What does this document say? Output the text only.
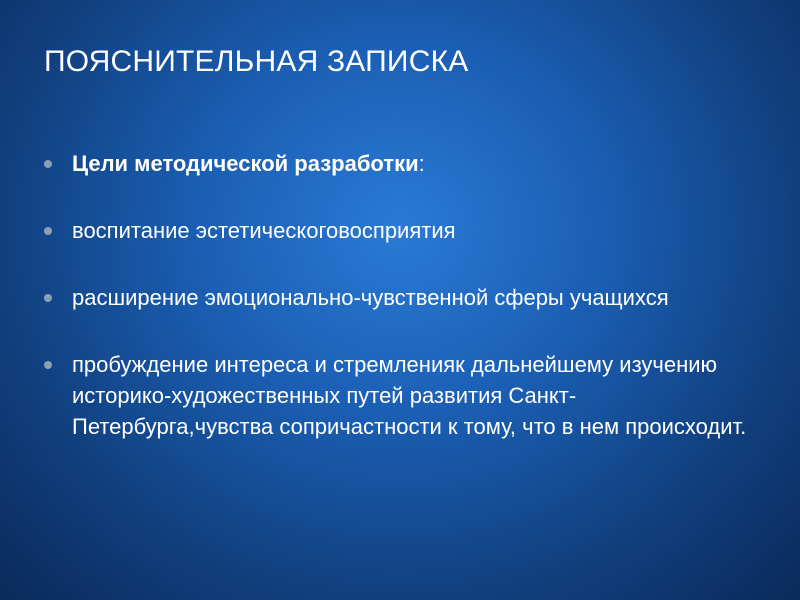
ПОЯСНИТЕЛЬНАЯ ЗАПИСКА
Цели методической разработки:
воспитание эстетическоговосприятия
расширение эмоционально-чувственной сферы учащихся
пробуждение интереса и стремленияк дальнейшему изучению историко-художественных путей развития Санкт-Петербурга,чувства сопричастности к тому, что в нем происходит.
